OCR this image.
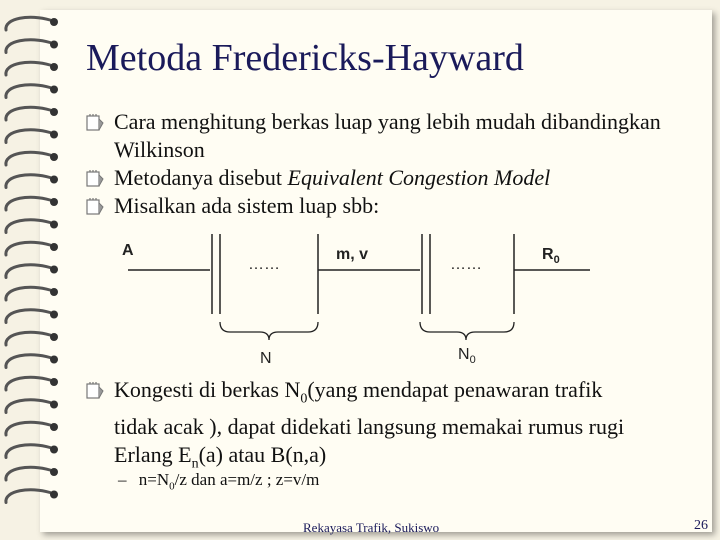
Metoda Fredericks-Hayward
Cara menghitung berkas luap yang lebih mudah dibandingkan Wilkinson
Metodanya disebut Equivalent Congestion Model
Misalkan ada sistem luap sbb:
A
……
m, v
……
$R_0$
N	$N_0$
Kongesti di berkas $N_0(yang$ mendapat penawaran trafik
tidak acak ), dapat didekati langsung memakai rumus rugi
Erlang $E_n(a)$ atau B(n,a)
– $n=N_0/z$ dan a=m/z ; z=v/m
Rekayasa Trafik, Sukiswo	26
